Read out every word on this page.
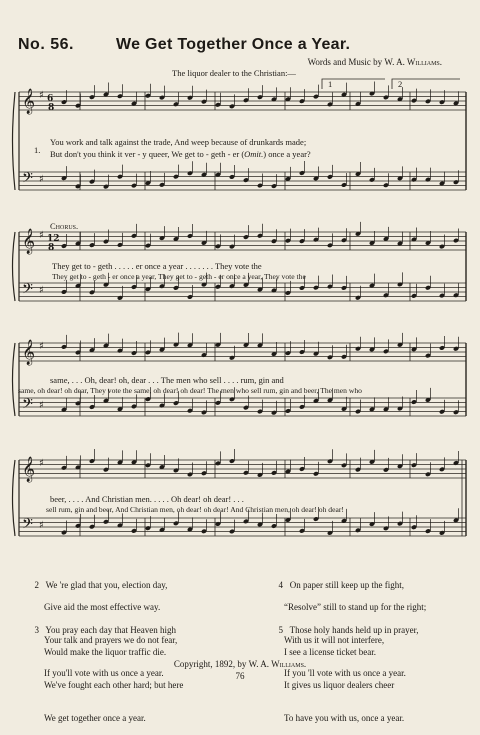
No. 56.	We Get Together Once a Year.
Words and Music by W. A. Williams.
The liquor dealer to the Christian:—
𝄞
𝄢
♯
♯
6
8
𝄞
𝄢
♯
♯
12
8
𝄞
𝄢
♯
♯
𝄞
𝄢
♯
♯
1	2
1.
You work and talk against the trade, And weep because of drunkards made;
But don't you think it ver - y queer, We get to - geth - er (Omit.) once a year?
Chorus.
They get to - geth . . . . . er once a year . . . . . . . They vote the
They get to - geth - er once a year, They get to - geth - er once a year, They vote the
same, . . . Oh, dear! oh, dear . . . The men who sell . . . . rum, gin and
same, oh dear! oh dear, They vote the same, oh dear! oh dear! The men who sell rum, gin and beer, The men who
beer, . . . . And Christian men. . . . . Oh dear! oh dear! . . .
sell rum, gin and beer, And Christian men, oh dear! oh dear! And Christian men, oh dear! oh dear!

2 We 're glad that you, election day,

Give aid the most effective way.

Your talk and prayers we do not fear,

If you'll vote with us once a year.

3 You pray each day that Heaven high

Would make the liquor traffic die.

We've fought each other hard; but here

We get together once a year.

4 On paper still keep up the fight,

“Resolve” still to stand up for the right;

With us it will not interfere,

If you 'll vote with us once a year.

5 Those holy hands held up in prayer,

I see a license ticket bear.

It gives us liquor dealers cheer

To have you with us, once a year.

Copyright, 1892, by W. A. Williams.
76
